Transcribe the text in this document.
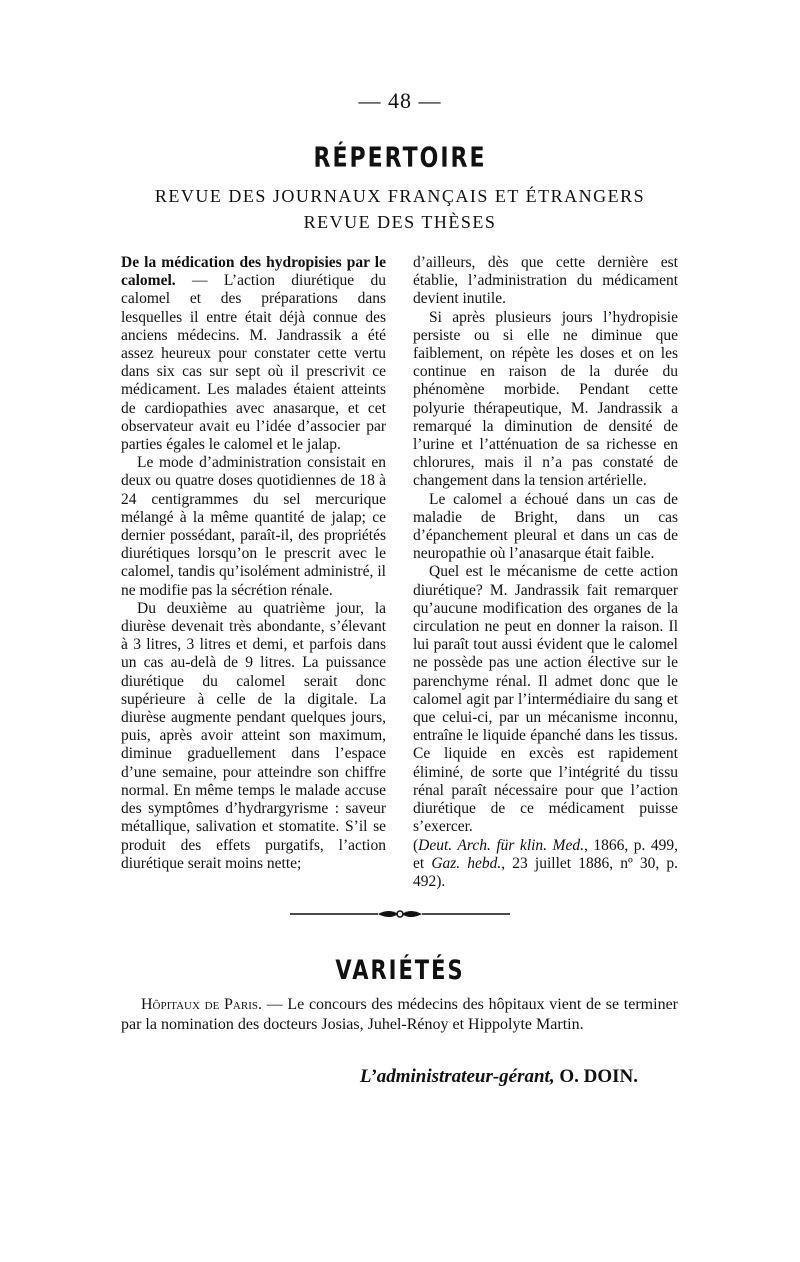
— 48 —
RÉPERTOIRE
REVUE DES JOURNAUX FRANÇAIS ET ÉTRANGERS
REVUE DES THÈSES

De la médication des hydropisies par le calomel. — L’action diurétique du calomel et des préparations dans lesquelles il entre était déjà connue des anciens médecins. M. Jandrassik a été assez heureux pour constater cette vertu dans six cas sur sept où il prescrivit ce médicament. Les malades étaient atteints de cardiopathies avec anasarque, et cet observateur avait eu l’idée d’associer par parties égales le calomel et le jalap.

Le mode d’administration consistait en deux ou quatre doses quotidiennes de 18 à 24 centigrammes du sel mercurique mélangé à la même quantité de jalap; ce dernier possédant, paraît-il, des propriétés diurétiques lorsqu’on le prescrit avec le calomel, tandis qu’isolément administré, il ne modifie pas la sécrétion rénale.

Du deuxième au quatrième jour, la diurèse devenait très abondante, s’élevant à 3 litres, 3 litres et demi, et parfois dans un cas au-delà de 9 litres. La puissance diurétique du calomel serait donc supérieure à celle de la digitale. La diurèse augmente pendant quelques jours, puis, après avoir atteint son maximum, diminue graduellement dans l’espace d’une semaine, pour atteindre son chiffre normal. En même temps le malade accuse des symptômes d’hydrargyrisme : saveur métallique, salivation et stomatite. S’il se produit des effets purgatifs, l’action diurétique serait moins nette;

d’ailleurs, dès que cette dernière est établie, l’administration du médicament devient inutile.

Si après plusieurs jours l’hydropisie persiste ou si elle ne diminue que faiblement, on répète les doses et on les continue en raison de la durée du phénomène morbide. Pendant cette polyurie thérapeutique, M. Jandrassik a remarqué la diminution de densité de l’urine et l’atténuation de sa richesse en chlorures, mais il n’a pas constaté de changement dans la tension artérielle.

Le calomel a échoué dans un cas de maladie de Bright, dans un cas d’épanchement pleural et dans un cas de neuropathie où l’anasarque était faible.

Quel est le mécanisme de cette action diurétique? M. Jandrassik fait remarquer qu’aucune modification des organes de la circulation ne peut en donner la raison. Il lui paraît tout aussi évident que le calomel ne possède pas une action élective sur le parenchyme rénal. Il admet donc que le calomel agit par l’intermédiaire du sang et que celui-ci, par un mécanisme inconnu, entraîne le liquide épanché dans les tissus. Ce liquide en excès est rapidement éliminé, de sorte que l’intégrité du tissu rénal paraît nécessaire pour que l’action diurétique de ce médicament puisse s’exercer.

(Deut. Arch. für klin. Med., 1866, p. 499, et Gaz. hebd., 23 juillet 1886, nº 30, p. 492).

VARIÉTÉS

Hôpitaux de Paris. — Le concours des médecins des hôpitaux vient de se terminer par la nomination des docteurs Josias, Juhel-Rénoy et Hippolyte Martin.

L’administrateur-gérant, O. DOIN.
